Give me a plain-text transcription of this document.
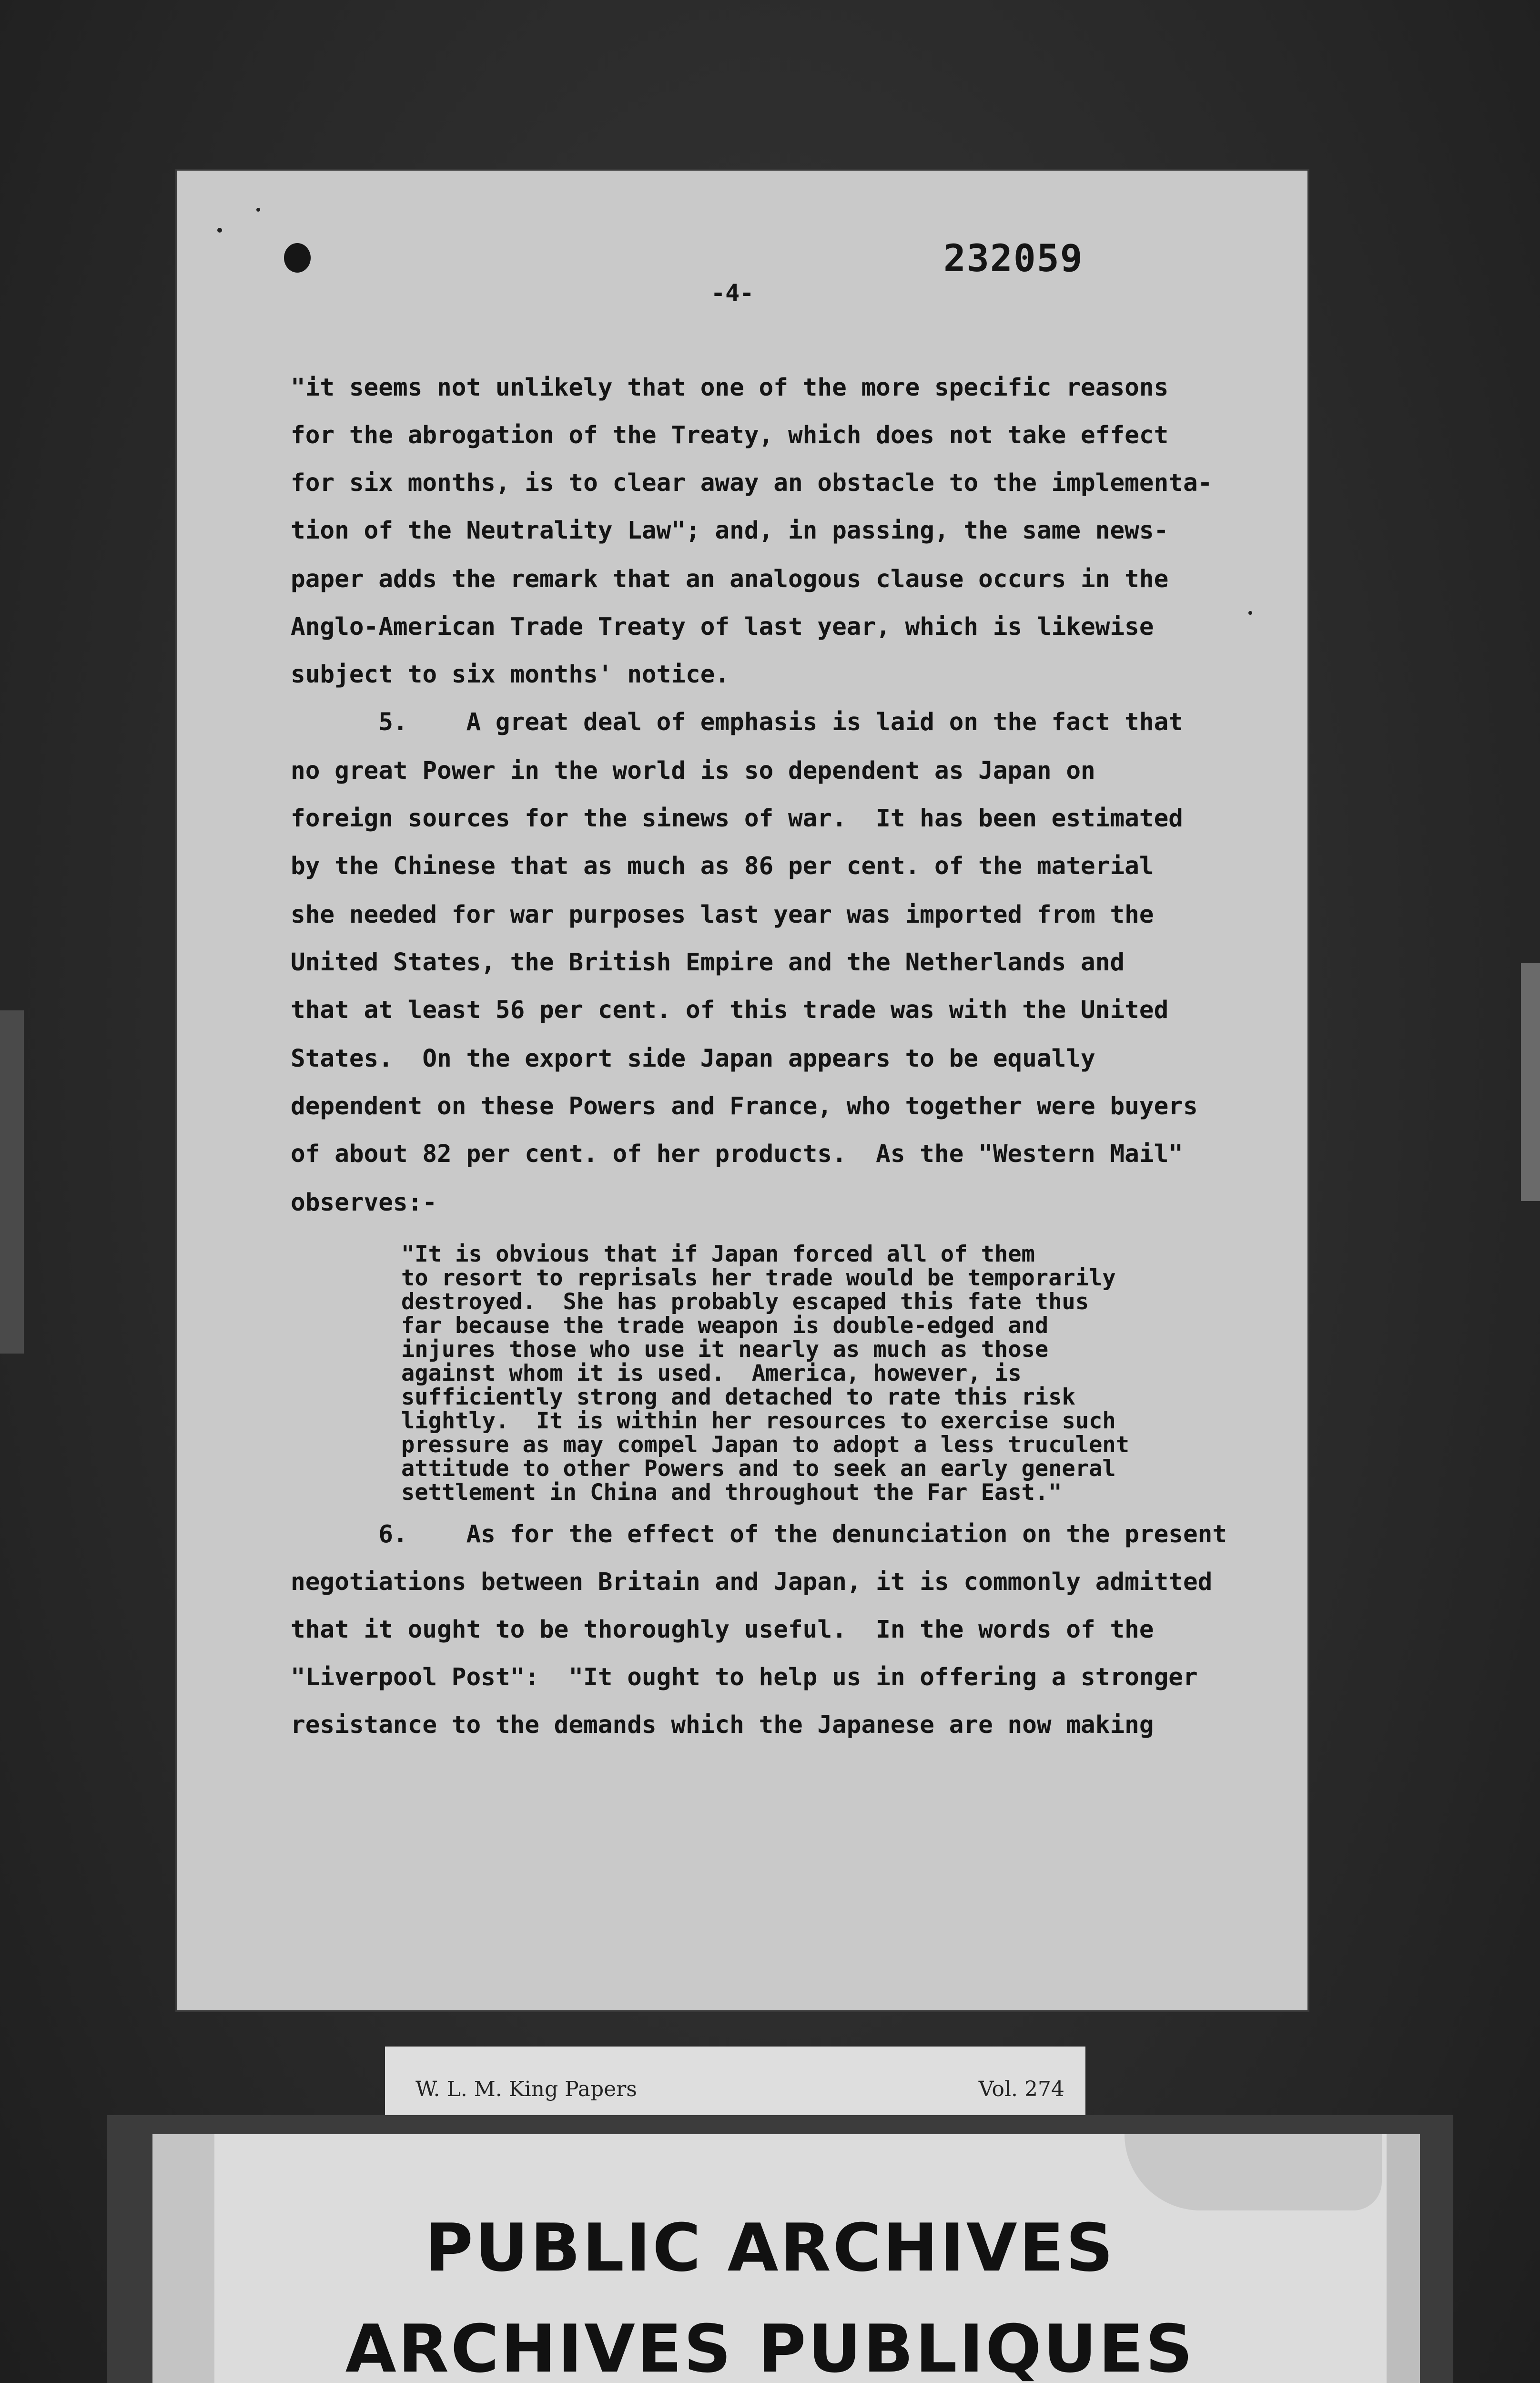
232059
-4-
"it seems not unlikely that one of the more specific reasons
for the abrogation of the Treaty, which does not take effect
for six months, is to clear away an obstacle to the implementa-
tion of the Neutrality Law"; and, in passing, the same news-
paper adds the remark that an analogous clause occurs in the
Anglo-American Trade Treaty of last year, which is likewise
subject to six months' notice.
5.    A great deal of emphasis is laid on the fact that
no great Power in the world is so dependent as Japan on
foreign sources for the sinews of war.  It has been estimated
by the Chinese that as much as 86 per cent. of the material
she needed for war purposes last year was imported from the
United States, the British Empire and the Netherlands and
that at least 56 per cent. of this trade was with the United
States.  On the export side Japan appears to be equally
dependent on these Powers and France, who together were buyers
of about 82 per cent. of her products.  As the "Western Mail"
observes:-
"It is obvious that if Japan forced all of them
to resort to reprisals her trade would be temporarily
destroyed.  She has probably escaped this fate thus
far because the trade weapon is double-edged and
injures those who use it nearly as much as those
against whom it is used.  America, however, is
sufficiently strong and detached to rate this risk
lightly.  It is within her resources to exercise such
pressure as may compel Japan to adopt a less truculent
attitude to other Powers and to seek an early general
settlement in China and throughout the Far East."
6.    As for the effect of the denunciation on the present
negotiations between Britain and Japan, it is commonly admitted
that it ought to be thoroughly useful.  In the words of the
"Liverpool Post":  "It ought to help us in offering a stronger
resistance to the demands which the Japanese are now making
W. L. M. King Papers	Vol. 274
PUBLIC ARCHIVES
ARCHIVES PUBLIQUES
